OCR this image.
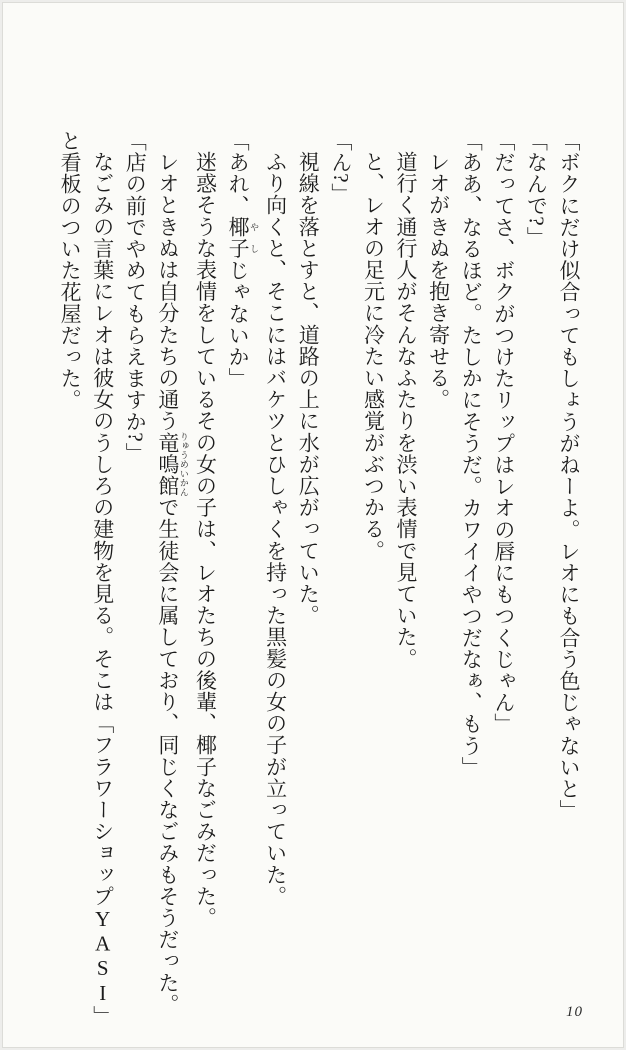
「ボクにだけ似合ってもしょうがねーよ。レオにも合う色じゃないと」

「なんで?」

「だってさ、ボクがつけたリップはレオの唇にもつくじゃん」

「ああ、なるほど。たしかにそうだ。カワイイやつだなぁ、もう」

レオがきぬを抱き寄せる。

道行く通行人がそんなふたりを渋い表情で見ていた。

と、レオの足元に冷たい感覚がぶつかる。

「ん?」

視線を落とすと、道路の上に水が広がっていた。

ふり向くと、そこにはバケツとひしゃくを持った黒髪の女の子が立っていた。

「あれ、椰子 やしじゃないか」

迷惑そうな表情をしているその女の子は、レオたちの後輩、椰子なごみだった。

レオときぬは自分たちの通う竜鳴館 りゅうめいかんで生徒会に属しており、同じくなごみもそうだった。

「店の前でやめてもらえますか?」

なごみの言葉にレオは彼女のうしろの建物を見る。そこは「フラワーショップYASI」と看板のついた花屋だった。

10
